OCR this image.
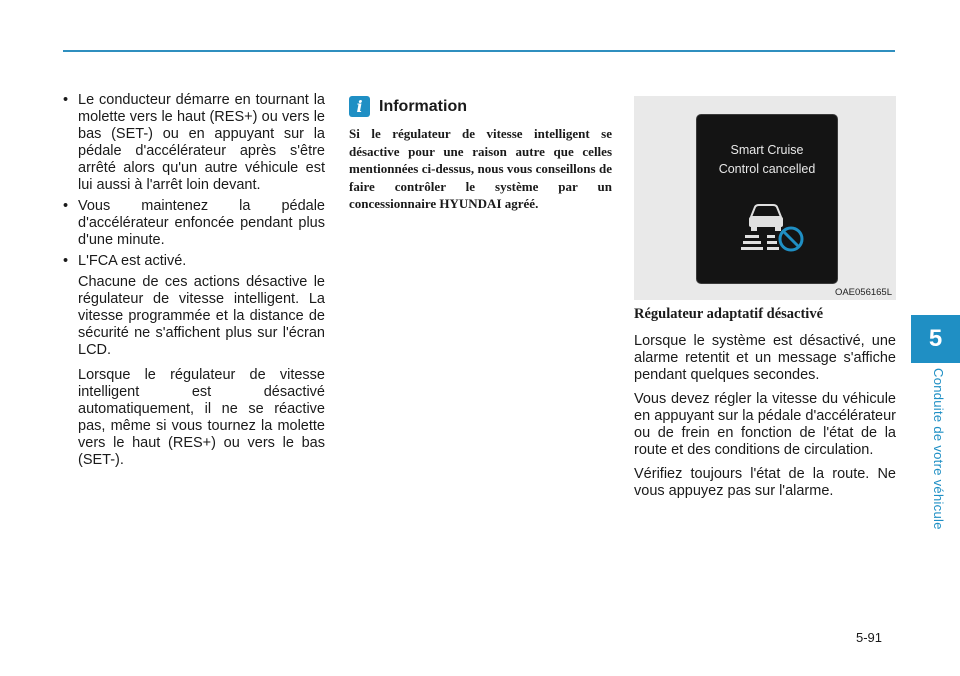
5
Conduite de votre véhicule
• Le conducteur démarre en tournant la molette vers le haut (RES+) ou vers le bas (SET-) ou en appuyant sur la pédale d'accélérateur après s'être arrêté alors qu'un autre véhicule est lui aussi à l'arrêt loin devant.
• Vous maintenez la pédale d'accélérateur enfoncée pendant plus d'une minute.
• L'FCA est activé.

Chacune de ces actions désactive le régulateur de vitesse intelligent. La vitesse programmée et la distance de sécurité ne s'affichent plus sur l'écran LCD.

Lorsque le régulateur de vitesse intelligent est désactivé automatiquement, il ne se réactive pas, même si vous tournez la molette vers le haut (RES+) ou vers le bas (SET-).

i	Information

Si le régulateur de vitesse intelligent se désactive pour une raison autre que celles mentionnées ci-dessus, nous vous conseillons de faire contrôler le système par un concessionnaire HYUNDAI agréé.

Smart Cruise
Control cancelled
OAE056165L
Régulateur adaptatif désactivé

Lorsque le système est désactivé, une alarme retentit et un message s'affiche pendant quelques secondes.

Vous devez régler la vitesse du véhicule en appuyant sur la pédale d'accélérateur ou de frein en fonction de l'état de la route et des conditions de circulation.

Vérifiez toujours l'état de la route. Ne vous appuyez pas sur l'alarme.

5-91
